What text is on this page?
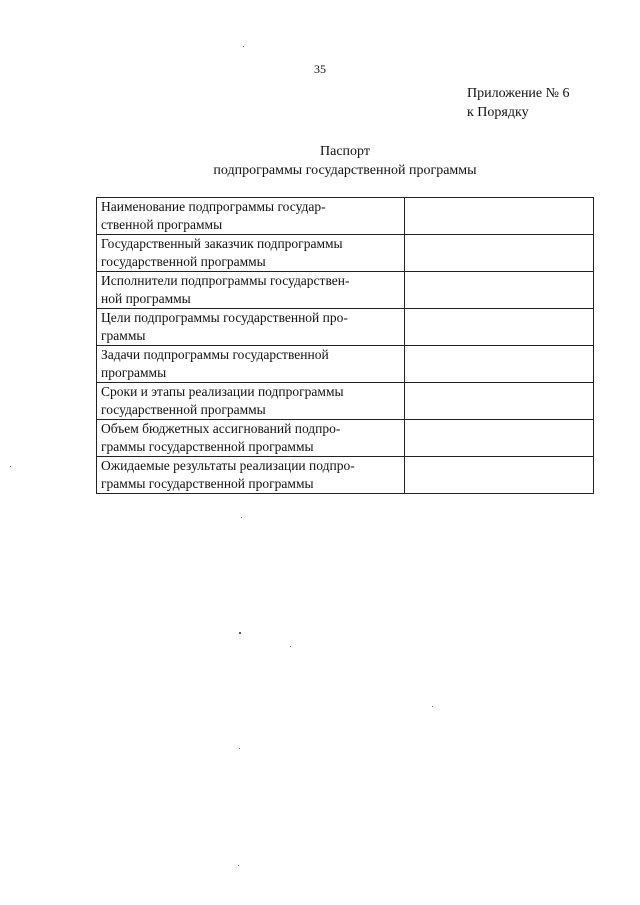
35
Приложение № 6
к Порядку
Паспорт
подпрограммы государственной программы
Наименование подпрограммы государ-
ственной программы	

Государственный заказчик подпрограммы
государственной программы	

Исполнители подпрограммы государствен-
ной программы	

Цели подпрограммы государственной про-
граммы	

Задачи подпрограммы государственной
программы	

Сроки и этапы реализации подпрограммы
государственной программы	

Объем бюджетных ассигнований подпро-
граммы государственной программы	

Ожидаемые результаты реализации подпро-
граммы государственной программы	
